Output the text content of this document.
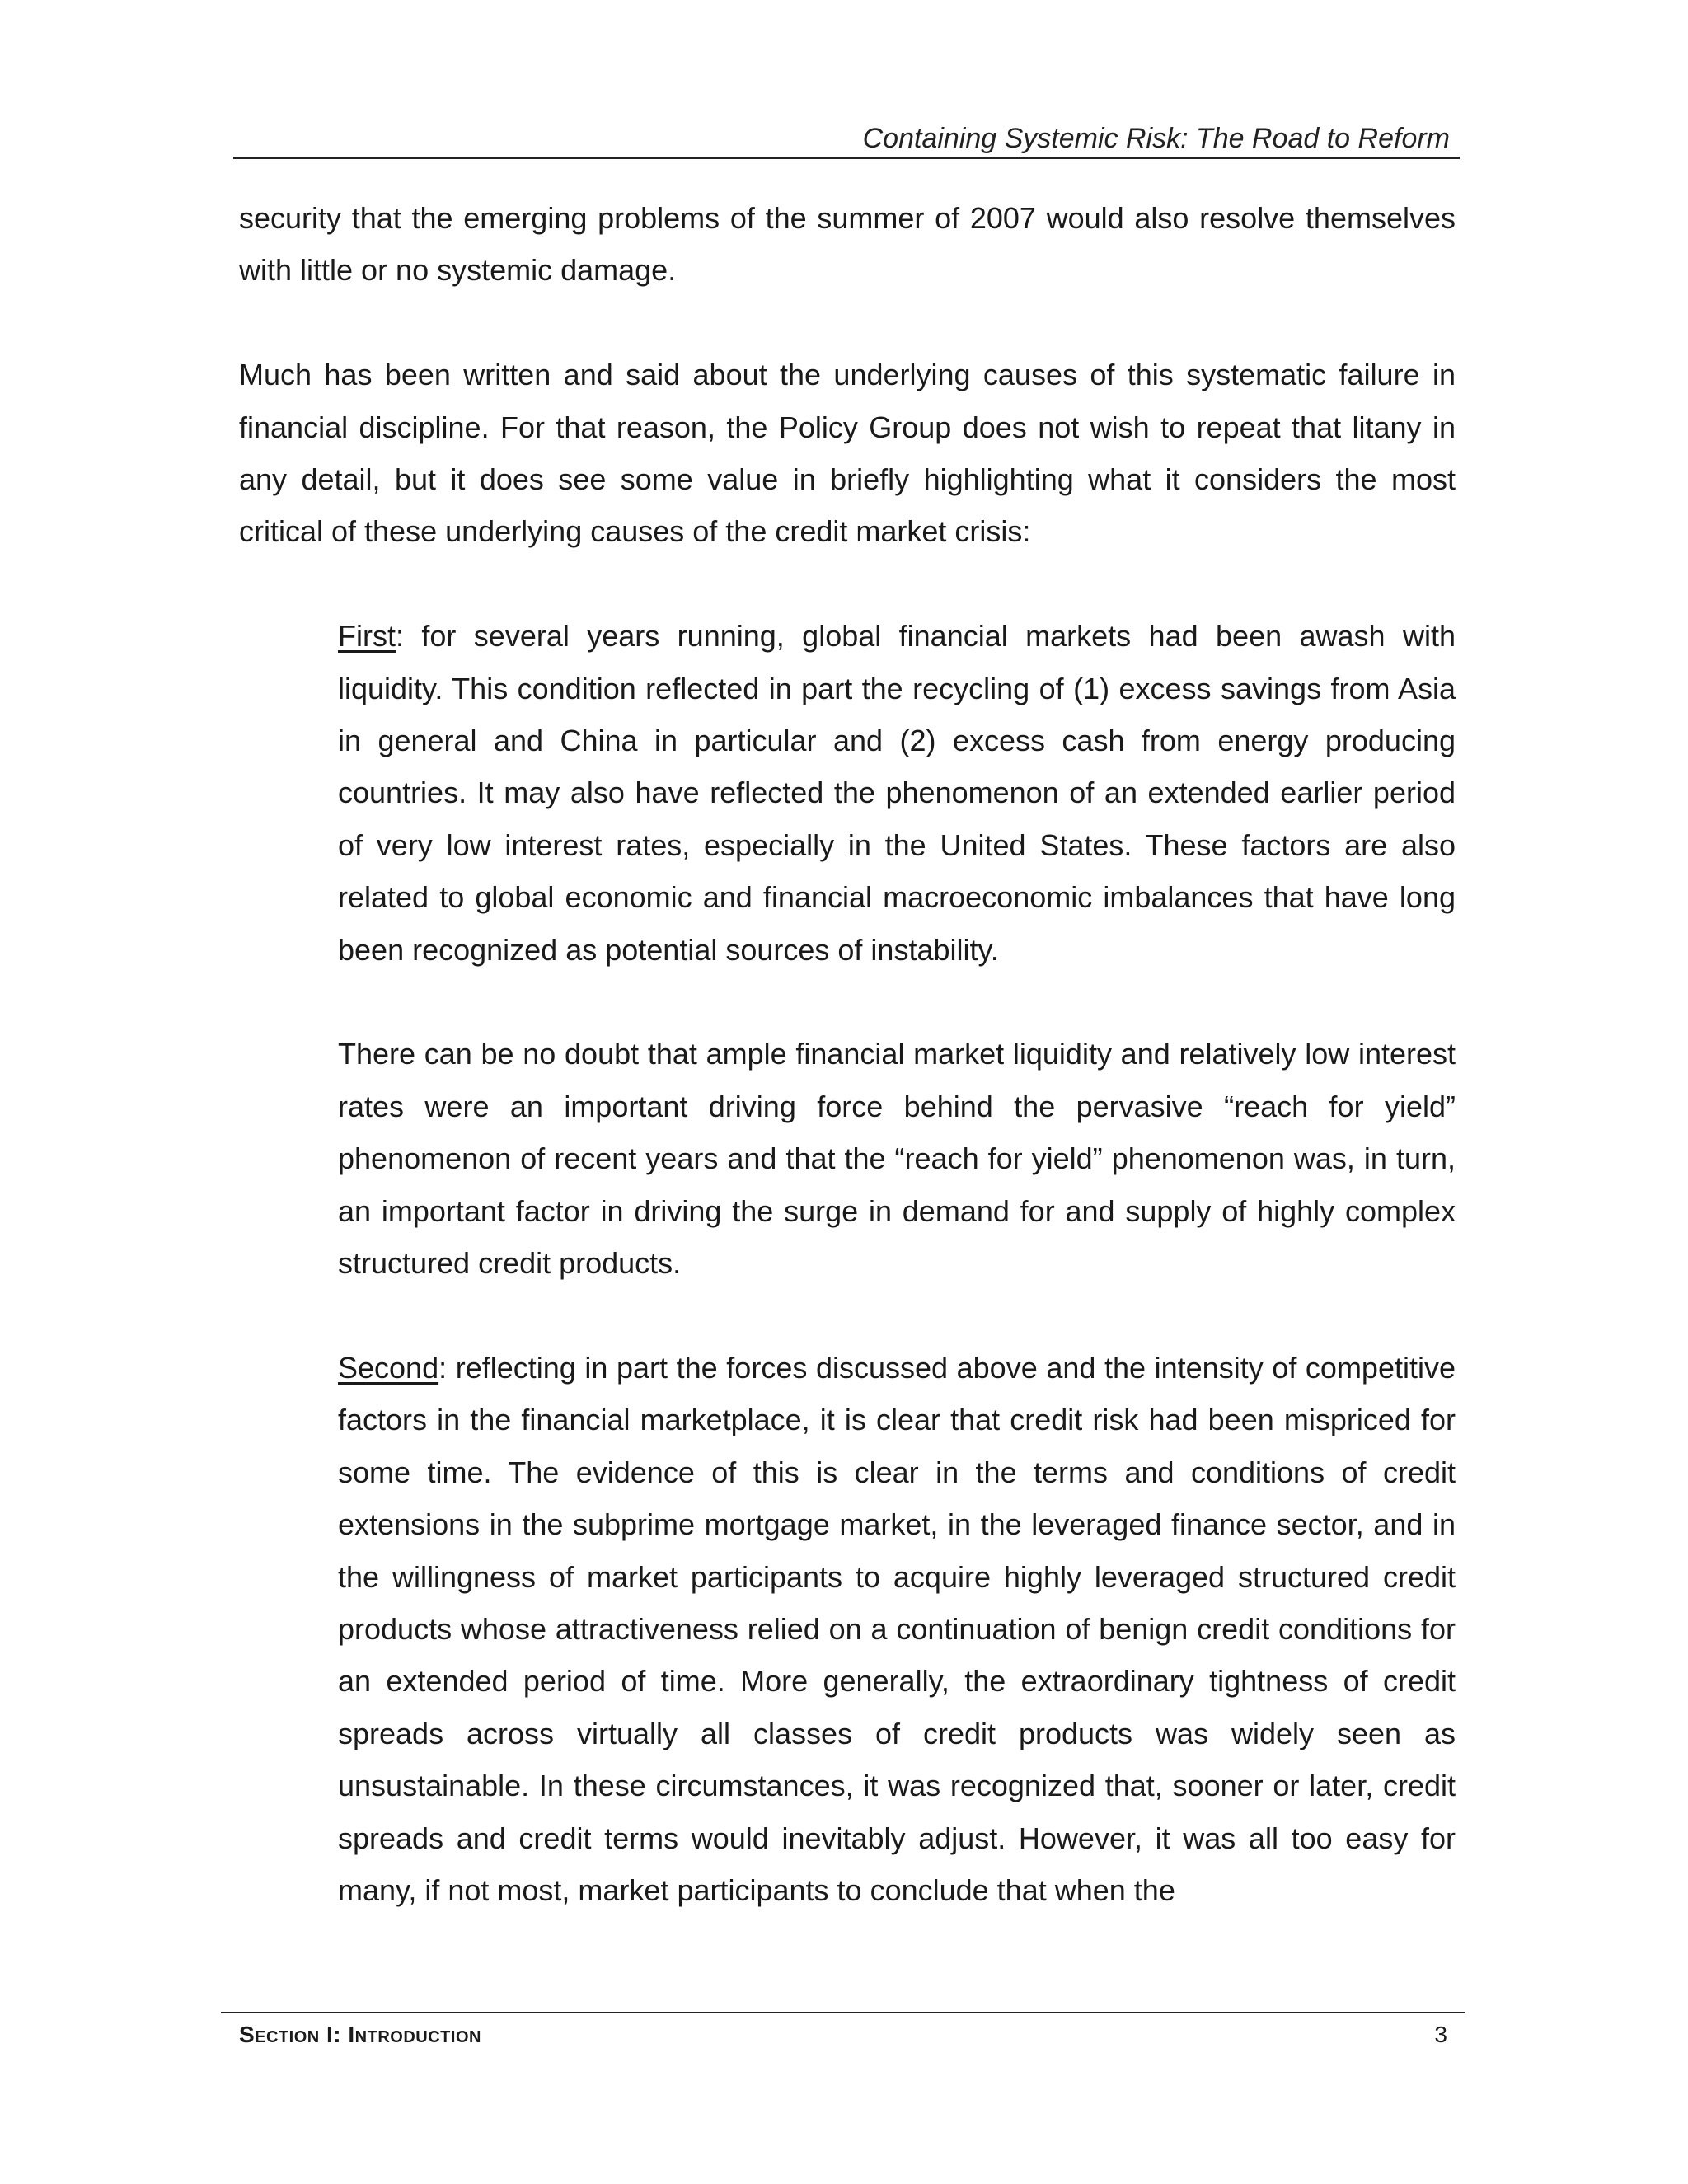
Containing Systemic Risk: The Road to Reform

security that the emerging problems of the summer of 2007 would also resolve themselves with little or no systemic damage.

Much has been written and said about the underlying causes of this systematic failure in financial discipline. For that reason, the Policy Group does not wish to repeat that litany in any detail, but it does see some value in briefly highlighting what it considers the most critical of these underlying causes of the credit market crisis:

First: for several years running, global financial markets had been awash with liquidity. This condition reflected in part the recycling of (1) excess savings from Asia in general and China in particular and (2) excess cash from energy producing countries. It may also have reflected the phenomenon of an extended earlier period of very low interest rates, especially in the United States. These factors are also related to global economic and financial macroeconomic imbalances that have long been recognized as potential sources of instability.

There can be no doubt that ample financial market liquidity and relatively low interest rates were an important driving force behind the pervasive “reach for yield” phenomenon of recent years and that the “reach for yield” phenomenon was, in turn, an important factor in driving the surge in demand for and supply of highly complex structured credit products.

Second: reflecting in part the forces discussed above and the intensity of competitive factors in the financial marketplace, it is clear that credit risk had been mispriced for some time. The evidence of this is clear in the terms and conditions of credit extensions in the subprime mortgage market, in the leveraged finance sector, and in the willingness of market participants to acquire highly leveraged structured credit products whose attractiveness relied on a continuation of benign credit conditions for an extended period of time. More generally, the extraordinary tightness of credit spreads across virtually all classes of credit products was widely seen as unsustainable. In these circumstances, it was recognized that, sooner or later, credit spreads and credit terms would inevitably adjust. However, it was all too easy for many, if not most, market participants to conclude that when the

Section I: Introduction	3
